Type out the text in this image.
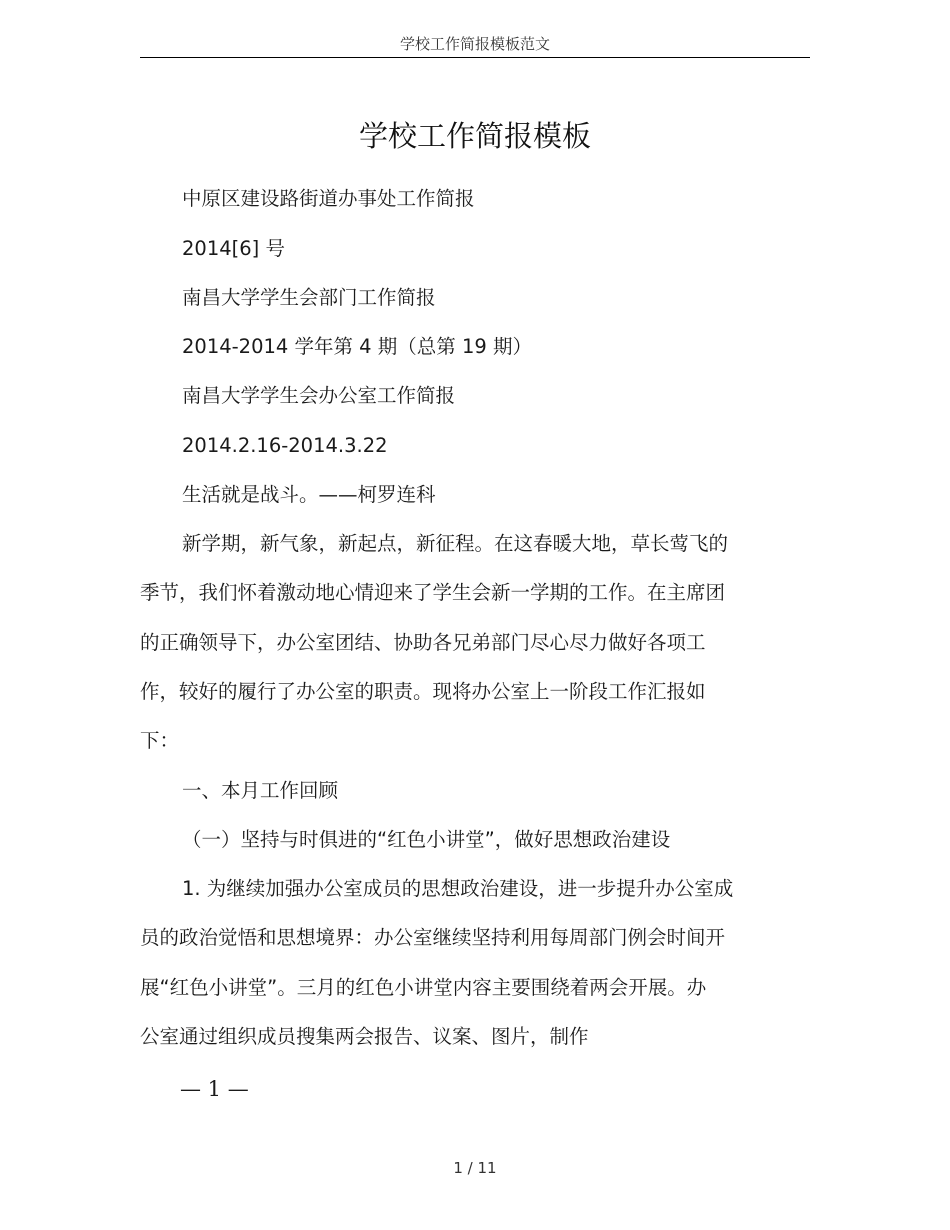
学校工作简报模板范文
学校工作简报模板
中原区建设路街道办事处工作简报
2014[6] 号
南昌大学学生会部门工作简报
2014-2014 学年第 4 期（总第 19 期）
南昌大学学生会办公室工作简报
2014.2.16-2014.3.22
生活就是战斗。——柯罗连科
新学期，新气象，新起点，新征程。在这春暖大地，草长莺飞的
季节，我们怀着激动地心情迎来了学生会新一学期的工作。在主席团
的正确领导下，办公室团结、协助各兄弟部门尽心尽力做好各项工
作，较好的履行了办公室的职责。现将办公室上一阶段工作汇报如
下：
一、本月工作回顾
（一）坚持与时俱进的“红色小讲堂”，做好思想政治建设
1. 为继续加强办公室成员的思想政治建设，进一步提升办公室成
员的政治觉悟和思想境界：办公室继续坚持利用每周部门例会时间开
展“红色小讲堂”。三月的红色小讲堂内容主要围绕着两会开展。办
公室通过组织成员搜集两会报告、议案、图片，制作
— 1 —
1 / 11
